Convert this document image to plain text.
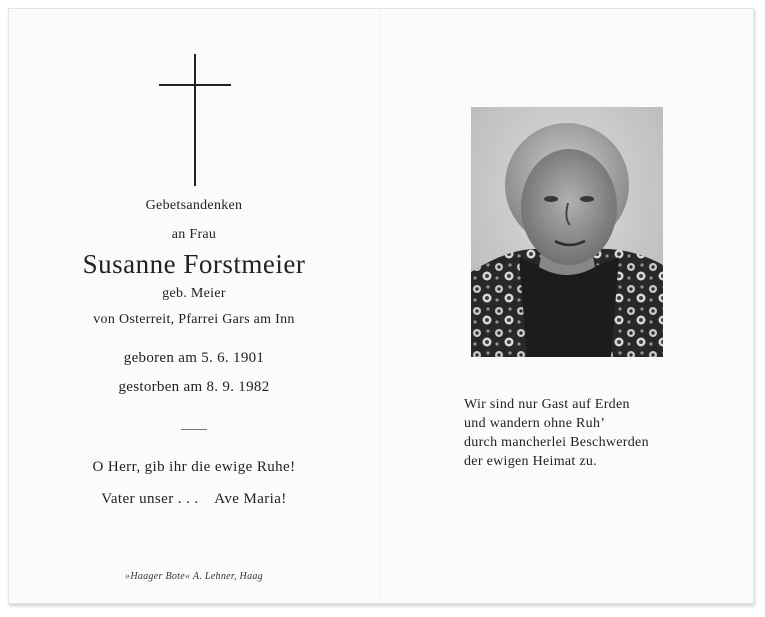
Gebetsandenken
an Frau
Susanne Forstmeier
geb. Meier
von Osterreit, Pfarrei Gars am Inn
geboren am 5. 6. 1901
gestorben am 8. 9. 1982
O Herr, gib ihr die ewige Ruhe!
Vater unser . . .    Ave Maria!
»Haager Bote« A. Lehner, Haag
Wir sind nur Gast auf Erden
und wandern ohne Ruh’
durch mancherlei Beschwerden
der ewigen Heimat zu.
